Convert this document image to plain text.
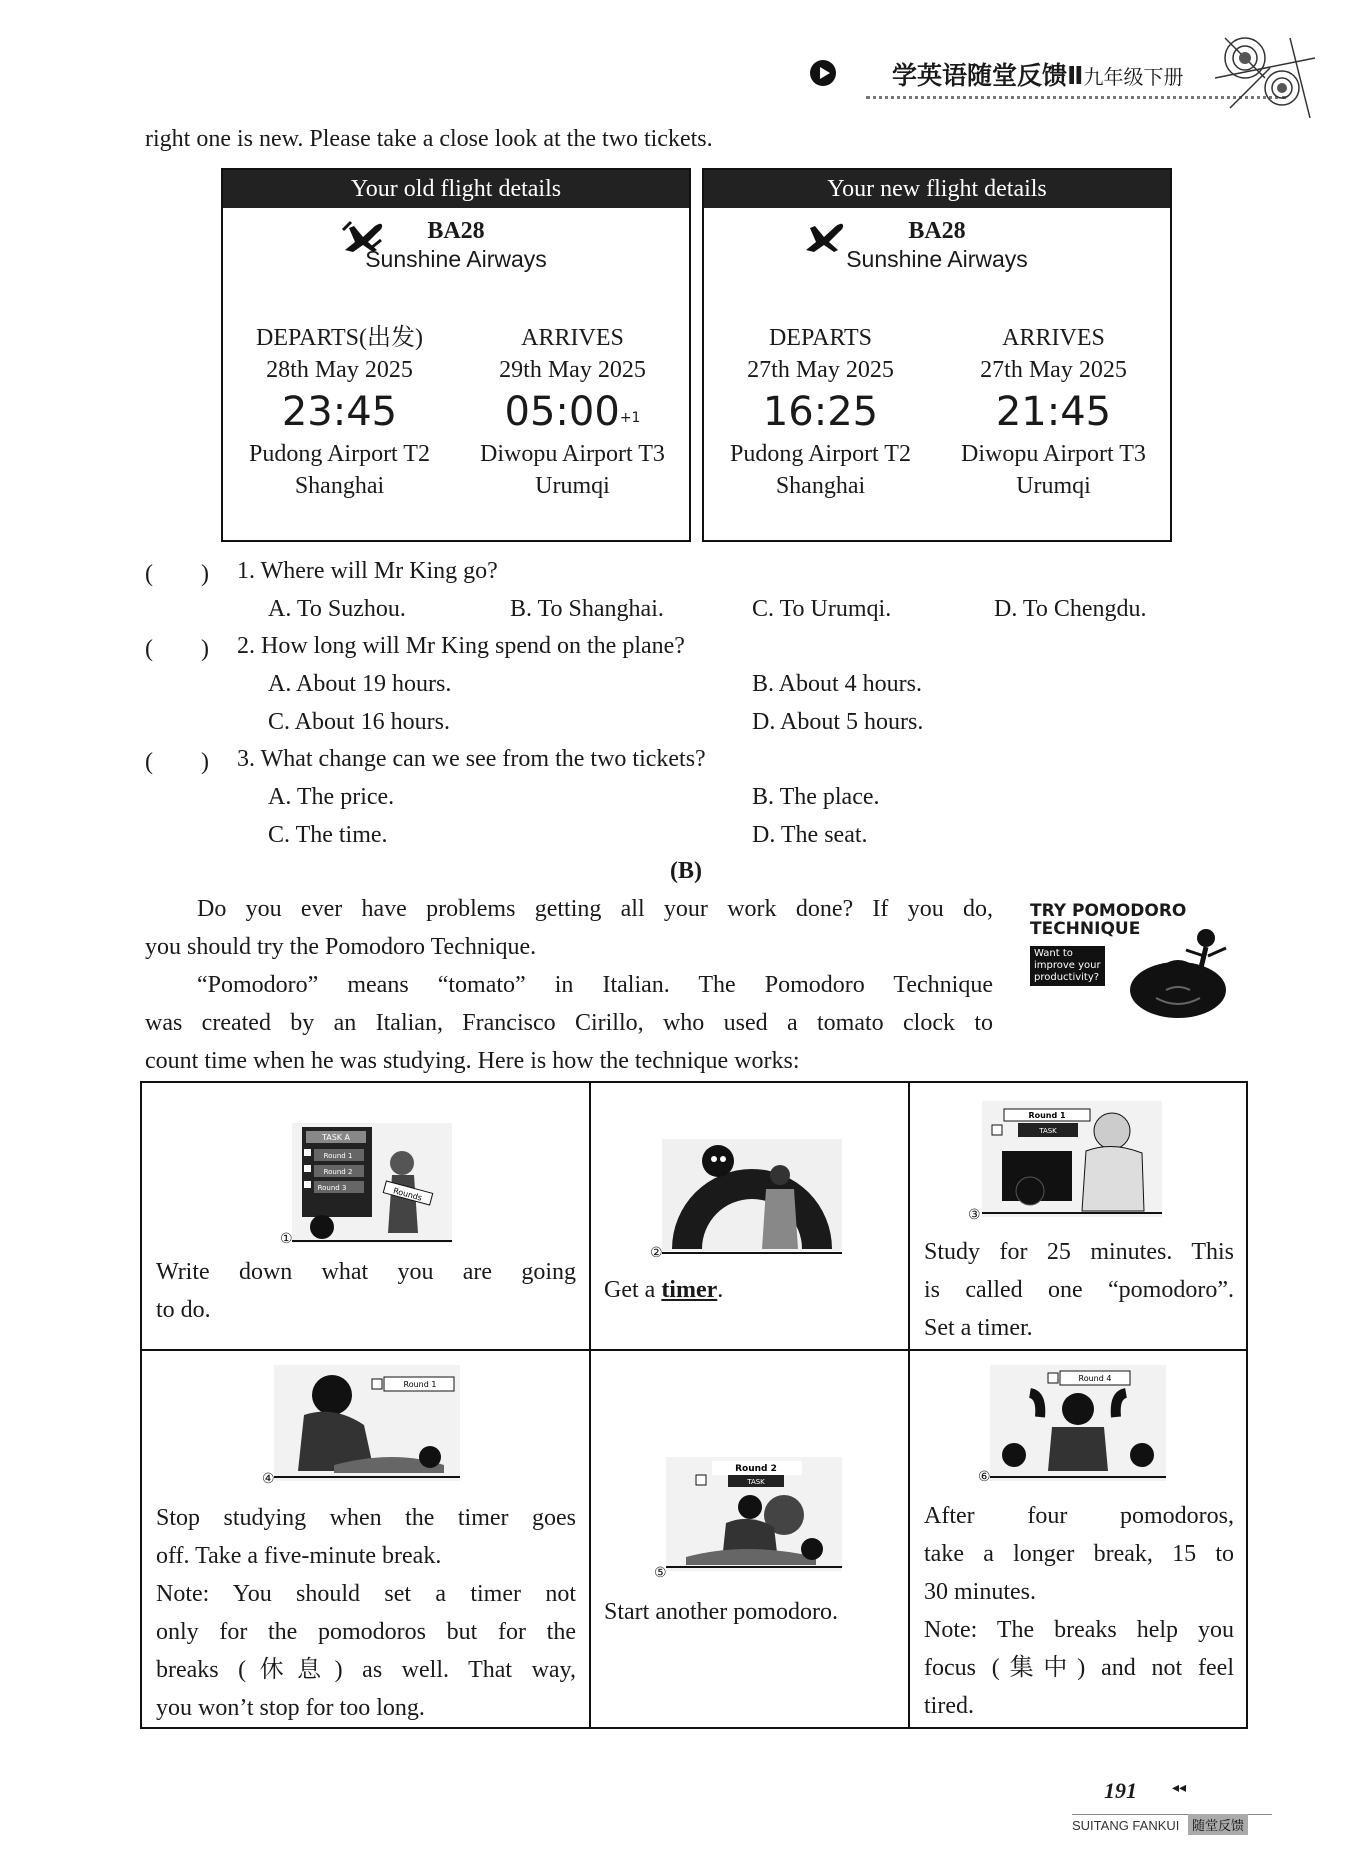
学英语随堂反馈Ⅱ九年级下册
right one is new. Please take a close look at the two tickets.
Your old flight details
BA28
Sunshine Airways
DEPARTS(出发)
28th May 2025
23:45
Pudong Airport T2
Shanghai
ARRIVES
29th May 2025
$05:00^{+1}$
Diwopu Airport T3
Urumqi
Your new flight details
BA28
Sunshine Airways
DEPARTS
27th May 2025
16:25
Pudong Airport T2
Shanghai
ARRIVES
27th May 2025
21:45
Diwopu Airport T3
Urumqi
(　　) 1. Where will Mr King go?
A. To Suzhou.	B. To Shanghai.	C. To Urumqi.	D. To Chengdu.
(　　) 2. How long will Mr King spend on the plane?
A. About 19 hours.	B. About 4 hours.
C. About 16 hours.	D. About 5 hours.
(　　) 3. What change can we see from the two tickets?
A. The price.	B. The place.
C. The time.	D. The seat.
(B)
Do you ever have problems getting all your work done? If you do,
you should try the Pomodoro Technique.
“Pomodoro” means “tomato” in Italian. The Pomodoro Technique
was created by an Italian, Francisco Cirillo, who used a tomato clock to
count time when he was studying. Here is how the technique works:
TRY POMODORO
TECHNIQUE
Want to
improve your
productivity?
TASK A
Round 1
Round 2
Round 3	Rounds
①
Write down what you are going
to do.
②
Get a timer.
Round 1
TASK
③
Study for 25 minutes. This
is called one “pomodoro”.
Set a timer.
Round 1
④
Stop studying when the timer goes
off. Take a five-minute break.
Note: You should set a timer not
only for the pomodoros but for the
breaks (休息) as well. That way,
you won’t stop for too long.
Round 2
TASK
⑤
Start another pomodoro.
Round 4
⑥
After four pomodoros,
take a longer break, 15 to
30 minutes.
Note: The breaks help you
focus (集中) and not feel
tired.
191	◂◂
SUITANG FANKUI 随堂反馈
